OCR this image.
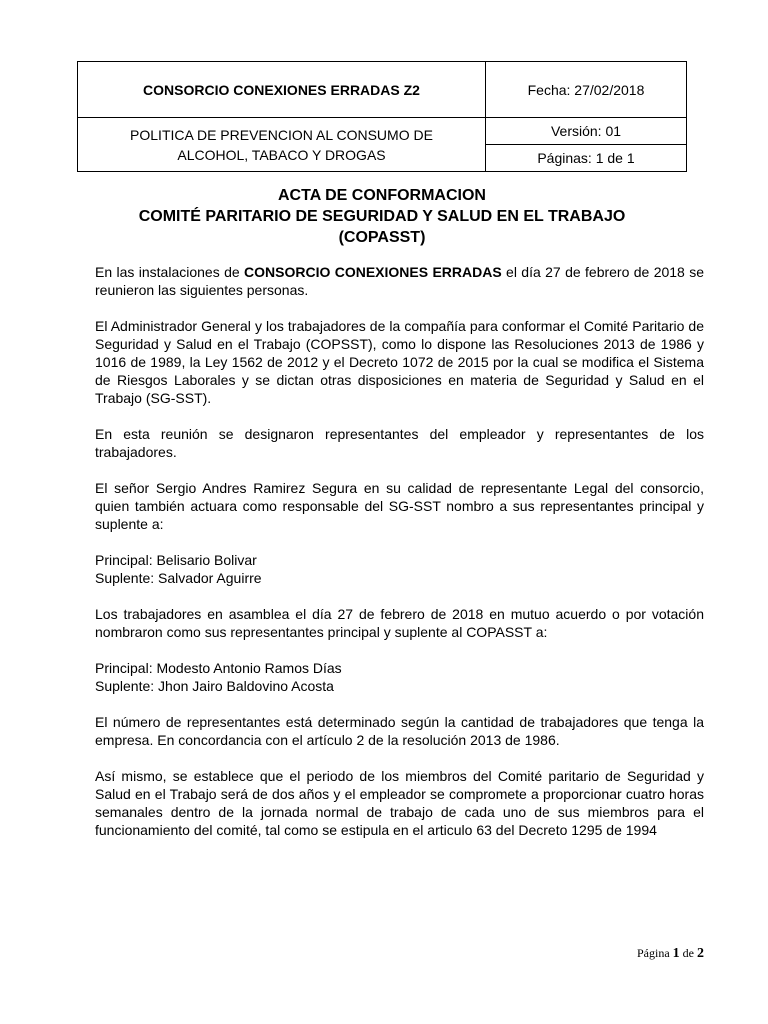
CONSORCIO CONEXIONES ERRADAS Z2	Fecha: 27/02/2018
POLITICA DE PREVENCION AL CONSUMO DE
ALCOHOL, TABACO Y DROGAS	Versión: 01
	Páginas: 1 de 1
ACTA DE CONFORMACION
COMITÉ PARITARIO DE SEGURIDAD Y SALUD EN EL TRABAJO
(COPASST)

En las instalaciones de CONSORCIO CONEXIONES ERRADAS el día 27 de febrero de 2018 se reunieron las siguientes personas.

El Administrador General y los trabajadores de la compañía para conformar el Comité Paritario de Seguridad y Salud en el Trabajo (COPSST), como lo dispone las Resoluciones 2013 de 1986 y 1016 de 1989, la Ley 1562 de 2012 y el Decreto 1072 de 2015 por la cual se modifica el Sistema de Riesgos Laborales y se dictan otras disposiciones en materia de Seguridad y Salud en el Trabajo (SG-SST).

En esta reunión se designaron representantes del empleador y representantes de los trabajadores.

El señor Sergio Andres Ramirez Segura en su calidad de representante Legal del consorcio, quien también actuara como responsable del SG-SST nombro a sus representantes principal y suplente a:

Principal: Belisario Bolivar
Suplente: Salvador Aguirre

Los trabajadores en asamblea el día 27 de febrero de 2018 en mutuo acuerdo o por votación nombraron como sus representantes principal y suplente al COPASST a:

Principal: Modesto Antonio Ramos Días
Suplente: Jhon Jairo Baldovino Acosta

El número de representantes está determinado según la cantidad de trabajadores que tenga la empresa. En concordancia con el artículo 2 de la resolución 2013 de 1986.

Así mismo, se establece que el periodo de los miembros del Comité paritario de Seguridad y Salud en el Trabajo será de dos años y el empleador se compromete a proporcionar cuatro horas semanales dentro de la jornada normal de trabajo de cada uno de sus miembros para el funcionamiento del comité, tal como se estipula en el articulo 63 del Decreto 1295 de 1994

Página 1 de 2
